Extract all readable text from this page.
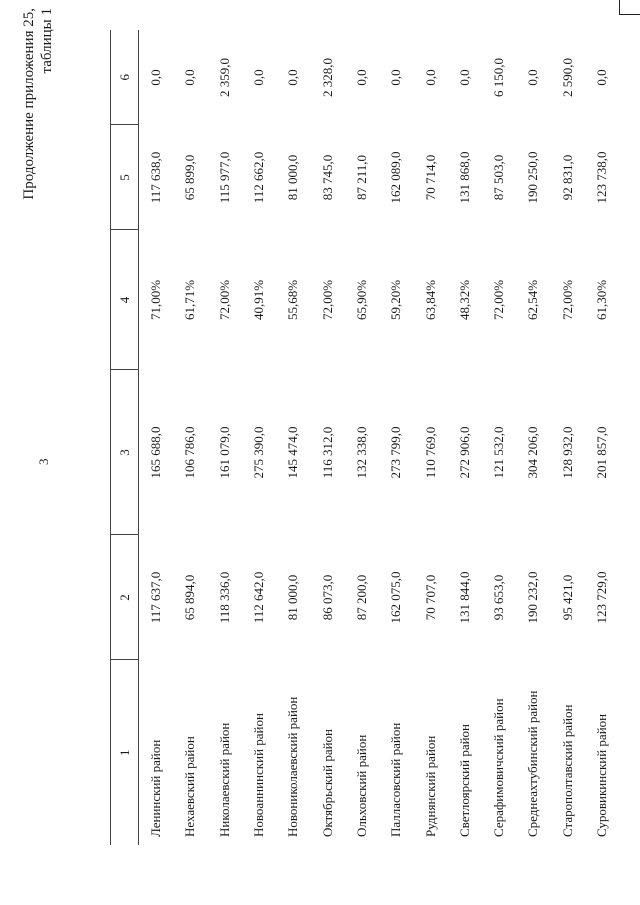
3
Продолжение приложения 25, таблицы 1
1	2	3	4	5	6
Ленинский район	117 637,0	165 688,0	71,00%	117 638,0	0,0
Нехаевский район	65 894,0	106 786,0	61,71%	65 899,0	0,0
Николаевский район	118 336,0	161 079,0	72,00%	115 977,0	2 359,0
Новоаннинский район	112 642,0	275 390,0	40,91%	112 662,0	0,0
Новониколаевский район	81 000,0	145 474,0	55,68%	81 000,0	0,0
Октябрьский район	86 073,0	116 312,0	72,00%	83 745,0	2 328,0
Ольховский район	87 200,0	132 338,0	65,90%	87 211,0	0,0
Палласовский район	162 075,0	273 799,0	59,20%	162 089,0	0,0
Руднянский район	70 707,0	110 769,0	63,84%	70 714,0	0,0
Светлоярский район	131 844,0	272 906,0	48,32%	131 868,0	0,0
Серафимовичский район	93 653,0	121 532,0	72,00%	87 503,0	6 150,0
Среднеахтубинский район	190 232,0	304 206,0	62,54%	190 250,0	0,0
Старополтавский район	95 421,0	128 932,0	72,00%	92 831,0	2 590,0
Суровикинский район	123 729,0	201 857,0	61,30%	123 738,0	0,0
